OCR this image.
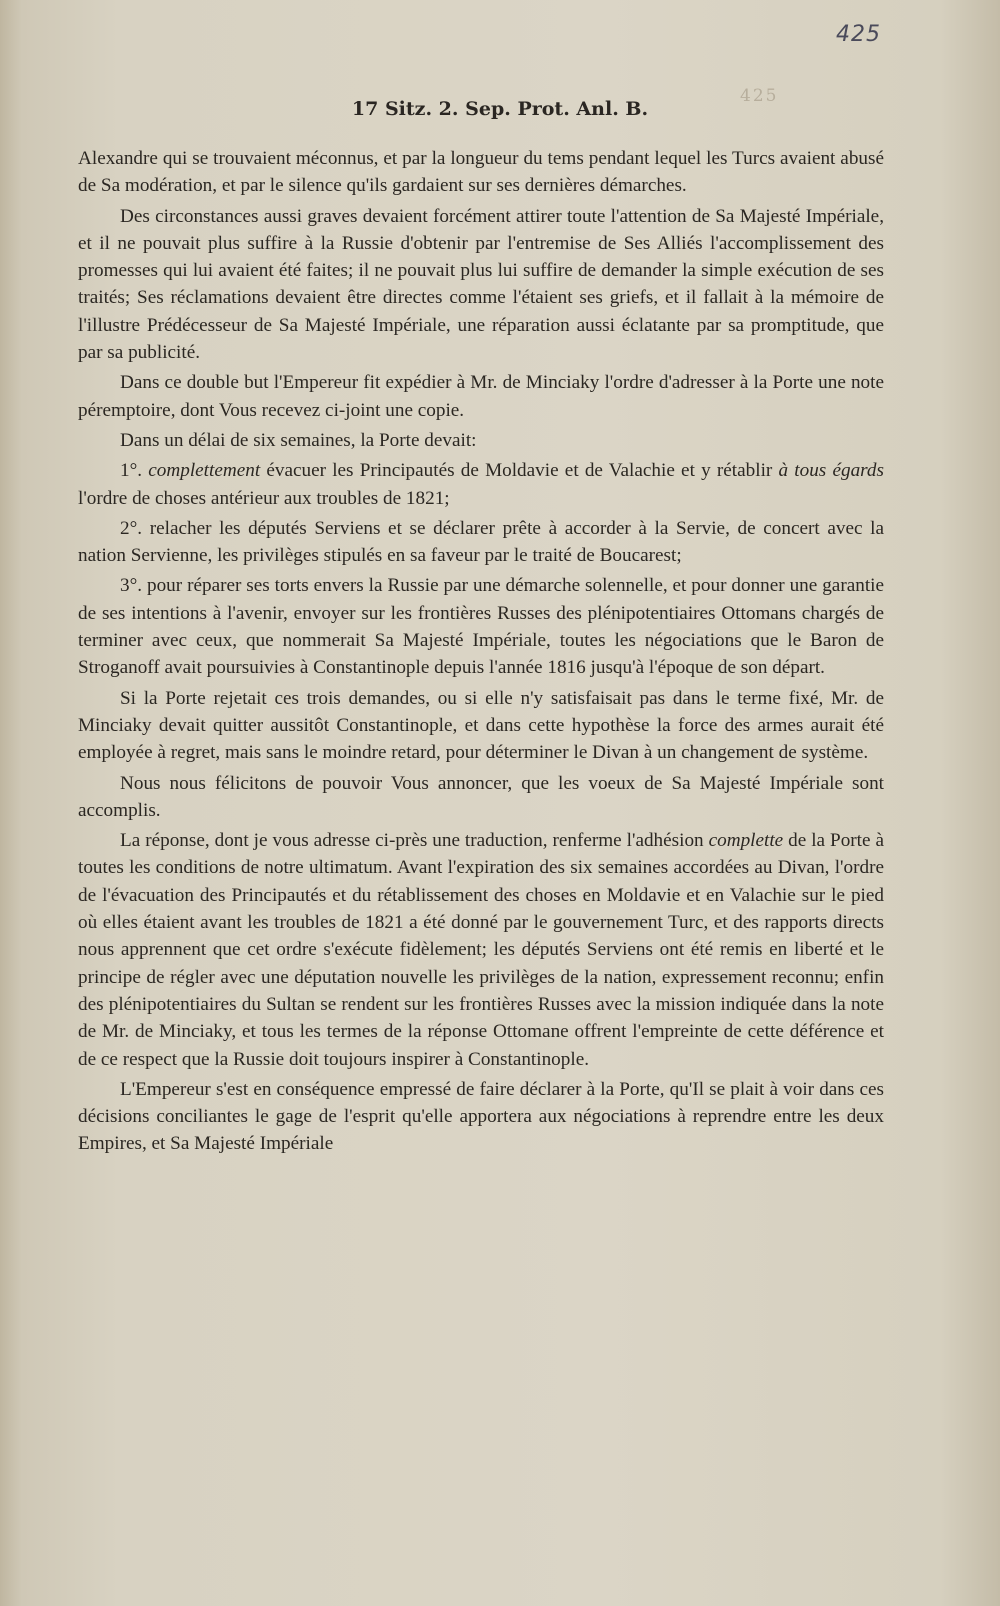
425
425
17 Sitz. 2. Sep. Prot. Anl. B.

Alexandre qui se trouvaient méconnus, et par la longueur du tems pendant lequel les Turcs avaient abusé de Sa modération, et par le silence qu'ils gardaient sur ses dernières démarches.

Des circonstances aussi graves devaient forcément attirer toute l'attention de Sa Majesté Impériale, et il ne pouvait plus suffire à la Russie d'obtenir par l'entremise de Ses Alliés l'accomplissement des promesses qui lui avaient été faites; il ne pouvait plus lui suffire de demander la simple exécution de ses traités; Ses réclamations devaient être directes comme l'étaient ses griefs, et il fallait à la mémoire de l'illustre Prédécesseur de Sa Majesté Impériale, une réparation aussi éclatante par sa promptitude, que par sa publicité.

Dans ce double but l'Empereur fit expédier à Mr. de Minciaky l'ordre d'adresser à la Porte une note péremptoire, dont Vous recevez ci-joint une copie.

Dans un délai de six semaines, la Porte devait:

1°. complettement évacuer les Principautés de Moldavie et de Valachie et y rétablir à tous égards l'ordre de choses antérieur aux troubles de 1821;

2°. relacher les députés Serviens et se déclarer prête à accorder à la Servie, de concert avec la nation Servienne, les privilèges stipulés en sa faveur par le traité de Boucarest;

3°. pour réparer ses torts envers la Russie par une démarche solennelle, et pour donner une garantie de ses intentions à l'avenir, envoyer sur les frontières Russes des plénipotentiaires Ottomans chargés de terminer avec ceux, que nommerait Sa Majesté Impériale, toutes les négociations que le Baron de Stroganoff avait poursuivies à Constantinople depuis l'année 1816 jusqu'à l'époque de son départ.

Si la Porte rejetait ces trois demandes, ou si elle n'y satisfaisait pas dans le terme fixé, Mr. de Minciaky devait quitter aussitôt Constantinople, et dans cette hypothèse la force des armes aurait été employée à regret, mais sans le moindre retard, pour déterminer le Divan à un changement de système.

Nous nous félicitons de pouvoir Vous annoncer, que les voeux de Sa Majesté Impériale sont accomplis.

La réponse, dont je vous adresse ci-près une traduction, renferme l'adhésion complette de la Porte à toutes les conditions de notre ultimatum. Avant l'expiration des six semaines accordées au Divan, l'ordre de l'évacuation des Principautés et du rétablissement des choses en Moldavie et en Valachie sur le pied où elles étaient avant les troubles de 1821 a été donné par le gouvernement Turc, et des rapports directs nous apprennent que cet ordre s'exécute fidèlement; les députés Serviens ont été remis en liberté et le principe de régler avec une députation nouvelle les privilèges de la nation, expressement reconnu; enfin des plénipotentiaires du Sultan se rendent sur les frontières Russes avec la mission indiquée dans la note de Mr. de Minciaky, et tous les termes de la réponse Ottomane offrent l'empreinte de cette déférence et de ce respect que la Russie doit toujours inspirer à Constantinople.

L'Empereur s'est en conséquence empressé de faire déclarer à la Porte, qu'Il se plait à voir dans ces décisions conciliantes le gage de l'esprit qu'elle apportera aux négociations à reprendre entre les deux Empires, et Sa Majesté Impériale
